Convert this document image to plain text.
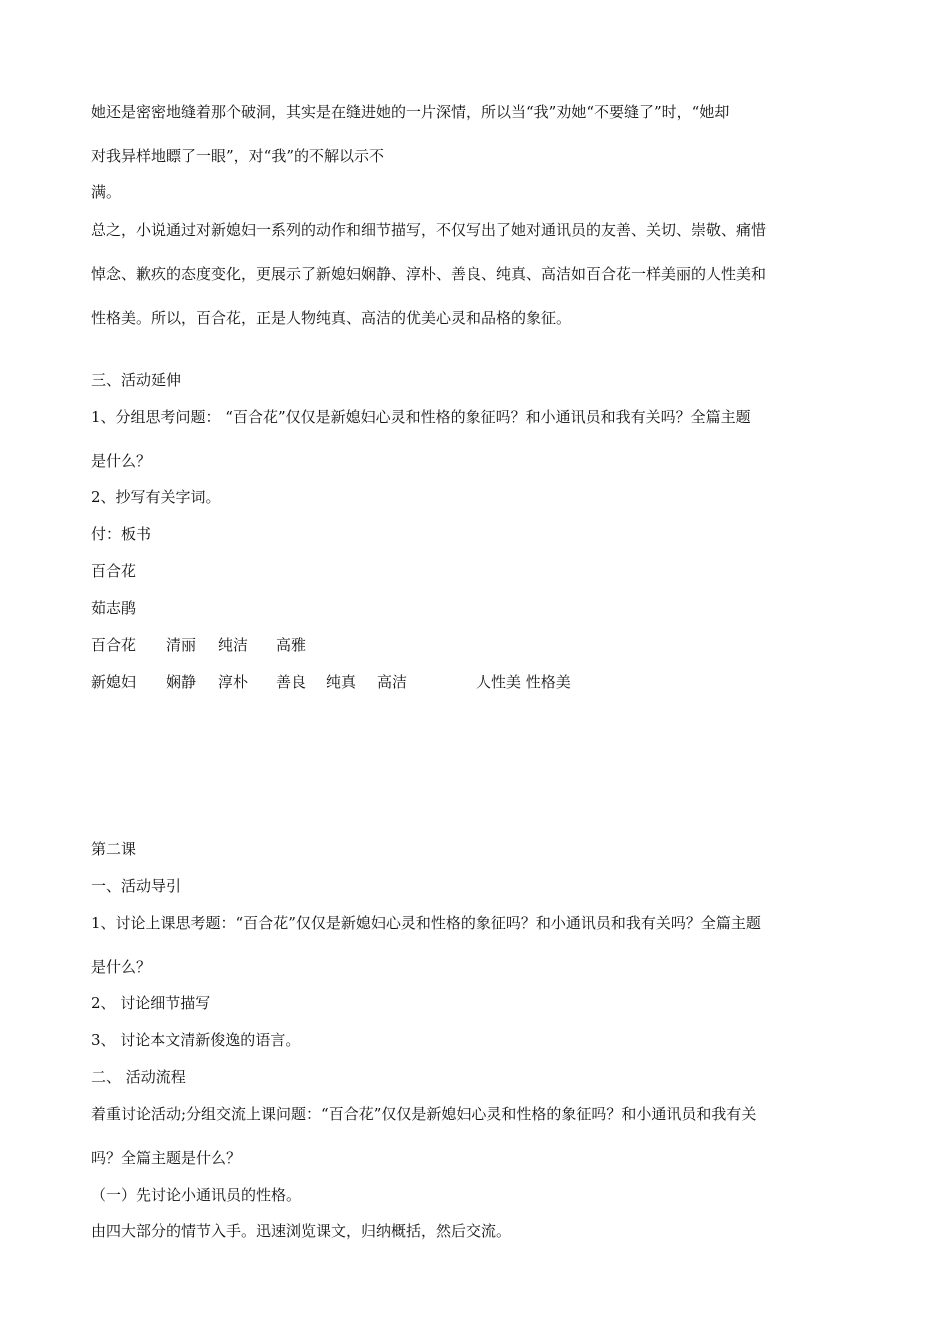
她还是密密地缝着那个破洞，其实是在缝进她的一片深情，所以当“我”劝她“不要缝了”时，“她却
对我异样地瞟了一眼”，对“我”的不解以示不
满。
总之，小说通过对新媳妇一系列的动作和细节描写，不仅写出了她对通讯员的友善、关切、崇敬、痛惜
悼念、歉疚的态度变化，更展示了新媳妇娴静、淳朴、善良、纯真、高洁如百合花一样美丽的人性美和
性格美。所以，百合花，正是人物纯真、高洁的优美心灵和品格的象征。
三、活动延伸
1、分组思考问题： “百合花”仅仅是新媳妇心灵和性格的象征吗？和小通讯员和我有关吗？全篇主题
是什么？
2、抄写有关字词。
付：板书
百合花
茹志鹃
百合花 清丽 纯洁 高雅
新媳妇 娴静 淳朴 善良 纯真 高洁	人性美 性格美
第二课
一、活动导引
1、讨论上课思考题：“百合花”仅仅是新媳妇心灵和性格的象征吗？和小通讯员和我有关吗？全篇主题
是什么？
2、 讨论细节描写
3、 讨论本文清新俊逸的语言。
二、 活动流程
着重讨论活动;分组交流上课问题：“百合花”仅仅是新媳妇心灵和性格的象征吗？和小通讯员和我有关
吗？全篇主题是什么？
（一）先讨论小通讯员的性格。
由四大部分的情节入手。迅速浏览课文，归纳概括，然后交流。
